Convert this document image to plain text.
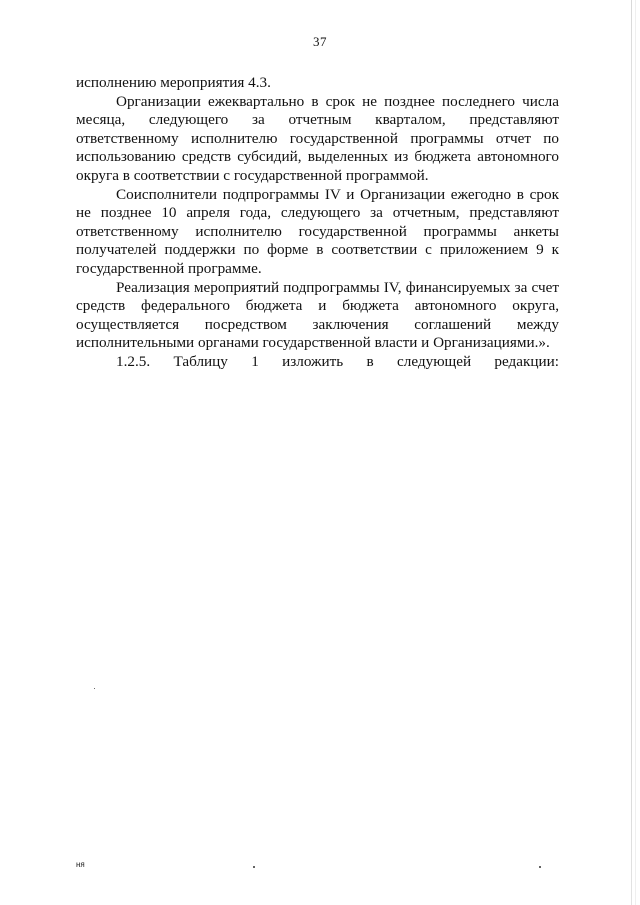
37

исполнению мероприятия 4.3.

Организации ежеквартально в срок не позднее последнего числа месяца, следующего за отчетным кварталом, представляют ответственному исполнителю государственной программы отчет по использованию средств субсидий, выделенных из бюджета автономного округа в соответствии с государственной программой.

Соисполнители подпрограммы IV и Организации ежегодно в срок не позднее 10 апреля года, следующего за отчетным, представляют ответственному исполнителю государственной программы анкеты получателей поддержки по форме в соответствии с приложением 9 к государственной программе.

Реализация мероприятий подпрограммы IV, финансируемых за счет средств федерального бюджета и бюджета автономного округа, осуществляется посредством заключения соглашений между исполнительными органами государственной власти и Организациями.».

1.2.5. Таблицу 1 изложить в следующей редакции:

ня
